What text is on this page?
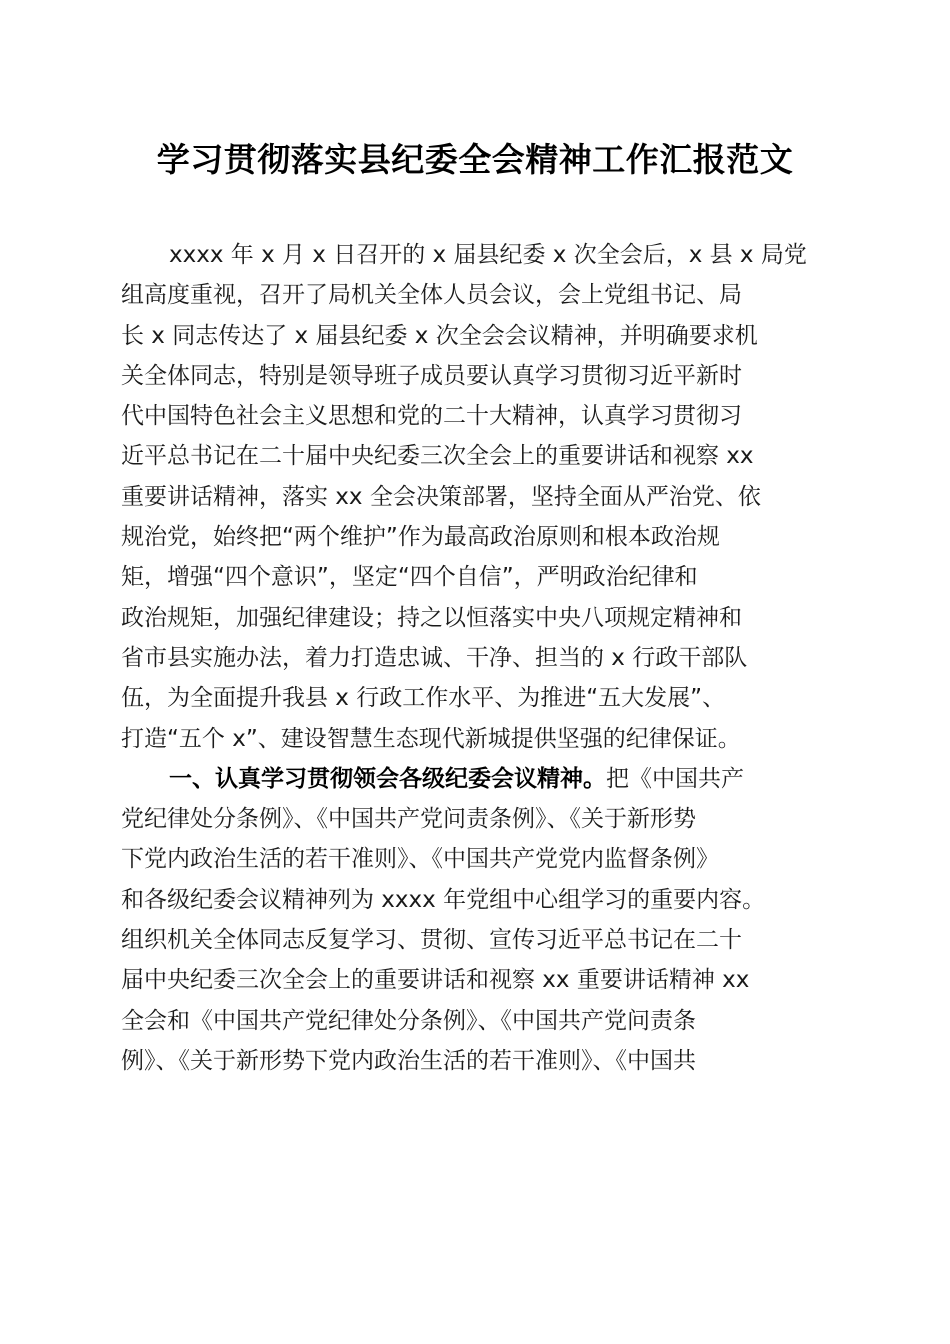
学习贯彻落实县纪委全会精神工作汇报范文
xxxx 年 x 月 x 日召开的 x 届县纪委 x 次全会后，x 县 x 局党
组高度重视，召开了局机关全体人员会议，会上党组书记、局
长 x 同志传达了 x 届县纪委 x 次全会会议精神，并明确要求机
关全体同志，特别是领导班子成员要认真学习贯彻习近平新时
代中国特色社会主义思想和党的二十大精神，认真学习贯彻习
近平总书记在二十届中央纪委三次全会上的重要讲话和视察 xx
重要讲话精神，落实 xx 全会决策部署，坚持全面从严治党、依
规治党，始终把“两个维护”作为最高政治原则和根本政治规
矩，增强“四个意识”，坚定“四个自信”，严明政治纪律和
政治规矩，加强纪律建设；持之以恒落实中央八项规定精神和
省市县实施办法，着力打造忠诚、干净、担当的 x 行政干部队
伍，为全面提升我县 x 行政工作水平、为推进“五大发展”、
打造“五个 x”、建设智慧生态现代新城提供坚强的纪律保证。
一、认真学习贯彻领会各级纪委会议精神。把《中国共产
党纪律处分条例》、《中国共产党问责条例》、《关于新形势
下党内政治生活的若干准则》、《中国共产党党内监督条例》
和各级纪委会议精神列为 xxxx 年党组中心组学习的重要内容。
组织机关全体同志反复学习、贯彻、宣传习近平总书记在二十
届中央纪委三次全会上的重要讲话和视察 xx 重要讲话精神 xx
全会和《中国共产党纪律处分条例》、《中国共产党问责条
例》、《关于新形势下党内政治生活的若干准则》、《中国共
